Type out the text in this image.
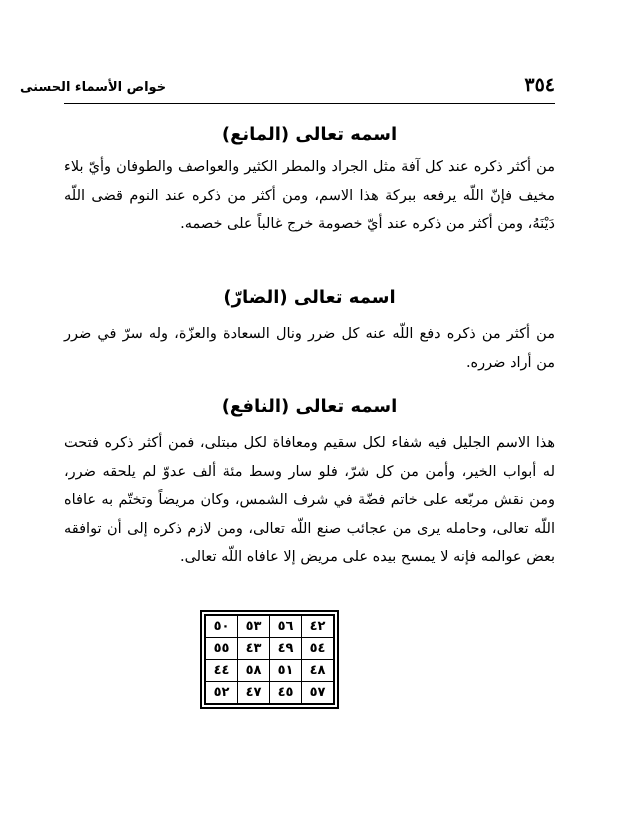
٣٥٤
خواص الأسماء الحسنى
اسمه تعالى (المانع)

من أكثر ذكره عند كل آفة مثل الجراد والمطر الكثير والعواصف والطوفان وأيّ بلاء مخيف فإنّ اللّه يرفعه ببركة هذا الاسم، ومن أكثر من ذكره عند النوم قضى اللّه دَيْنَهُ، ومن أكثر من ذكره عند أيّ خصومة خرج غالباً على خصمه.

اسمه تعالى (الضارّ)

من أكثر من ذكره دفع اللّه عنه كل ضرر ونال السعادة والعزّة، وله سرّ في ضرر من أراد ضرره.

اسمه تعالى (النافع)

هذا الاسم الجليل فيه شفاء لكل سقيم ومعافاة لكل مبتلى، فمن أكثر ذكره فتحت له أبواب الخير، وأمن من كل شرّ، فلو سار وسط مئة ألف عدوّ لم يلحقه ضرر، ومن نقش مربّعه على خاتم فضّة في شرف الشمس، وكان مريضاً وتختّم به عافاه اللّه تعالى، وحامله يرى من عجائب صنع اللّه تعالى، ومن لازم ذكره إلى أن توافقه بعض عوالمه فإنه لا يمسح بيده على مريض إلا عافاه اللّه تعالى.

٤٢	٥٦	٥٣	٥٠
٥٤	٤٩	٤٣	٥٥
٤٨	٥١	٥٨	٤٤
٥٧	٤٥	٤٧	٥٢
